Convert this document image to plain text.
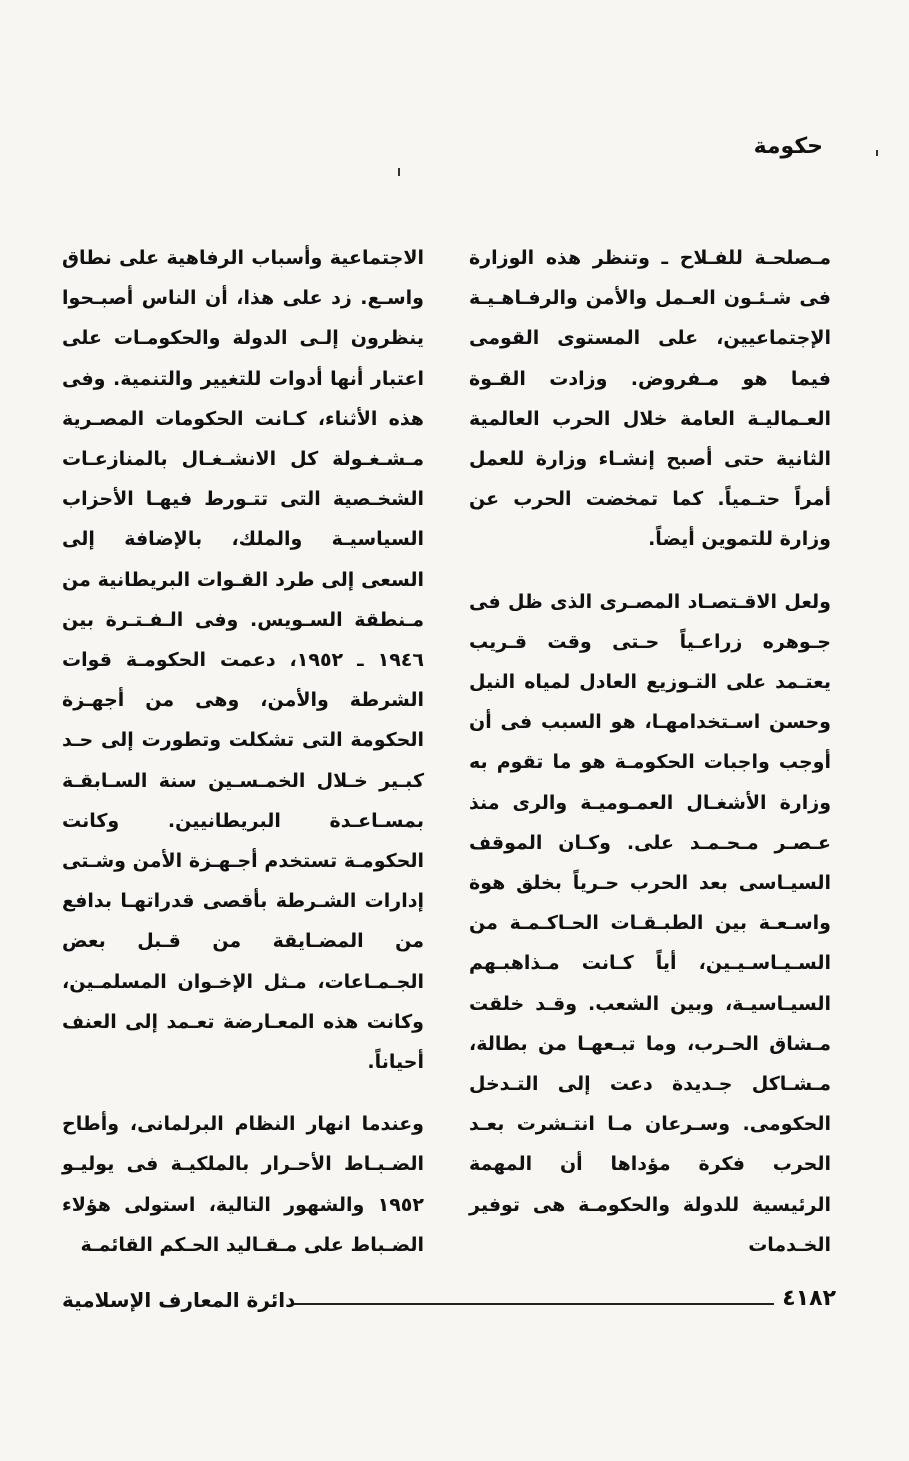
حكومة

مـصلحـة للفـلاح ـ وتنظر هذه الوزارة فى شـئـون العـمل والأمن والرفـاهـيـة الإجتماعيين، على المستوى القومى فيما هو مـفروض. وزادت القـوة العـماليـة العامة خلال الحرب العالمية الثانية حتى أصبح إنشـاء وزارة للعمل أمراً حتـمياً. كما تمخضت الحرب عن وزارة للتموين أيضاً.

ولعل الاقـتصـاد المصـرى الذى ظل فى جـوهره زراعـياً حـتى وقت قـريب يعتـمد على التـوزيع العادل لمياه النيل وحسن اسـتخدامهـا، هو السبب فى أن أوجب واجبات الحكومـة هو ما تقوم به وزارة الأشغـال العمـوميـة والرى منذ عـصـر مـحـمـد على. وكـان الموقف السيـاسى بعد الحرب حـرياً بخلق هوة واسـعـة بين الطبـقـات الحـاكـمـة من السـيـاسـيـين، أياً كـانت مـذاهبـهم السيـاسيـة، وبين الشعب. وقـد خلقت مـشاق الحـرب، وما تبـعهـا من بطالة، مـشـاكل جـديدة دعت إلى التـدخل الحكومى. وسـرعان مـا انتـشرت بعـد الحرب فكرة مؤداها أن المهمة الرئيسية للدولة والحكومـة هى توفير الخـدمات

الاجتماعية وأسباب الرفاهية على نطاق واسـع. زد على هذا، أن الناس أصبـحوا ينظرون إلـى الدولة والحكومـات على اعتبار أنها أدوات للتغيير والتنمية. وفى هذه الأثناء، كـانت الحكومات المصـرية مـشـغـولة كل الانشـغـال بالمنازعـات الشخـصية التى تتـورط فيهـا الأحزاب السياسيـة والملك، بالإضافة إلى السعى إلى طرد القـوات البريطانية من مـنطقة السـويس. وفى الـفـتـرة بين ١٩٤٦ ـ ١٩٥٢، دعمت الحكومـة قوات الشرطة والأمن، وهى من أجهـزة الحكومة التى تشكلت وتطورت إلى حـد كبـير خـلال الخمـسـين سنة السـابقـة بمسـاعـدة البريطانيين. وكانت الحكومـة تستخدم أجـهـزة الأمن وشـتى إدارات الشـرطة بأقصى قدراتهـا بدافع من المضـايقة من قـبل بعض الجـمـاعات، مـثل الإخـوان المسلمـين، وكانت هذه المعـارضة تعـمد إلى العنف أحياناً.

وعندما انهار النظام البرلمانى، وأطاح الضـبـاط الأحـرار بالملكيـة فى يوليـو ١٩٥٢ والشهور التالية، استولى هؤلاء الضـباط على مـقـاليد الحـكم القائمـة

٤١٨٢
دائرة المعارف الإسلامية
